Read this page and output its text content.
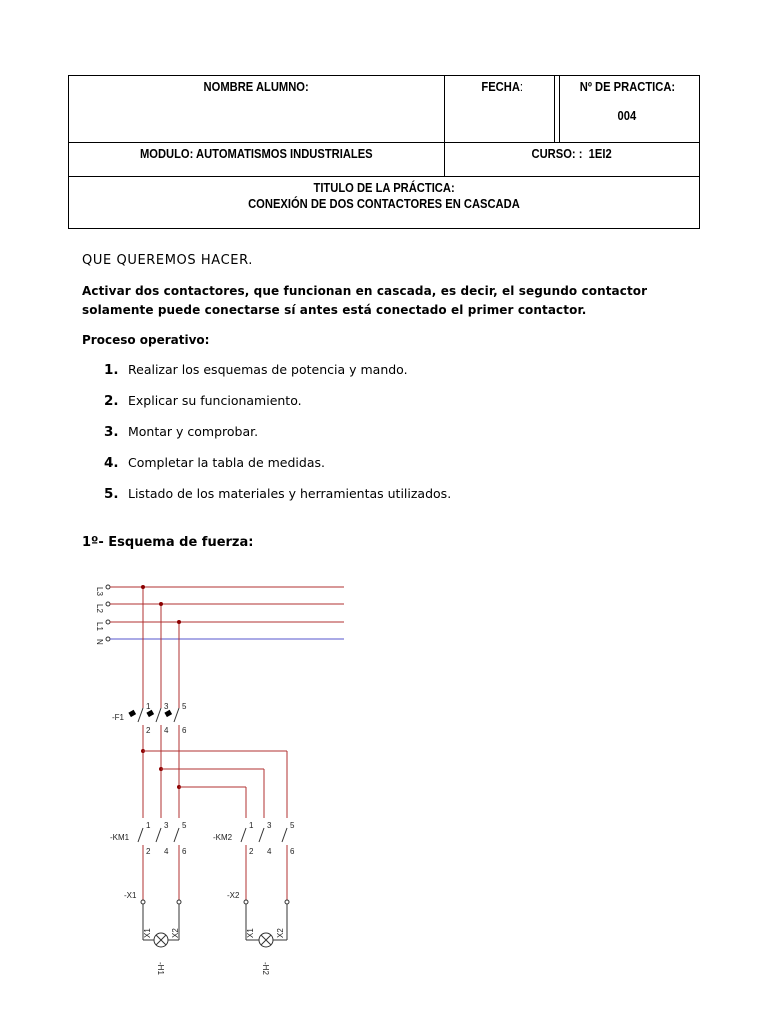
NOMBRE ALUMNO:	FECHA:	Nº DE PRACTICA:
004

MODULO: AUTOMATISMOS INDUSTRIALES	CURSO: : 1EI2	

TITULO DE LA PRÁCTICA:
CONEXIÓN DE DOS CONTACTORES EN CASCADA		
QUE QUEREMOS HACER.
Activar dos contactores, que funcionan en cascada, es decir, el segundo contactor
solamente puede conectarse sí antes está conectado el primer contactor.
Proceso operativo:
1. Realizar los esquemas de potencia y mando.
2. Explicar su funcionamiento.
3. Montar y comprobar.
4. Completar la tabla de medidas.
5. Listado de los materiales y herramientas utilizados.
1º- Esquema de fuerza:
L3
L2
L1
N
-F1
1 3 5
2 4 6
-KM1
1 3 5
2 4 6
-KM2
1 3 5
2 4 6
-X1	-X2
X1 X2	X1	X2
-H1	-H2
